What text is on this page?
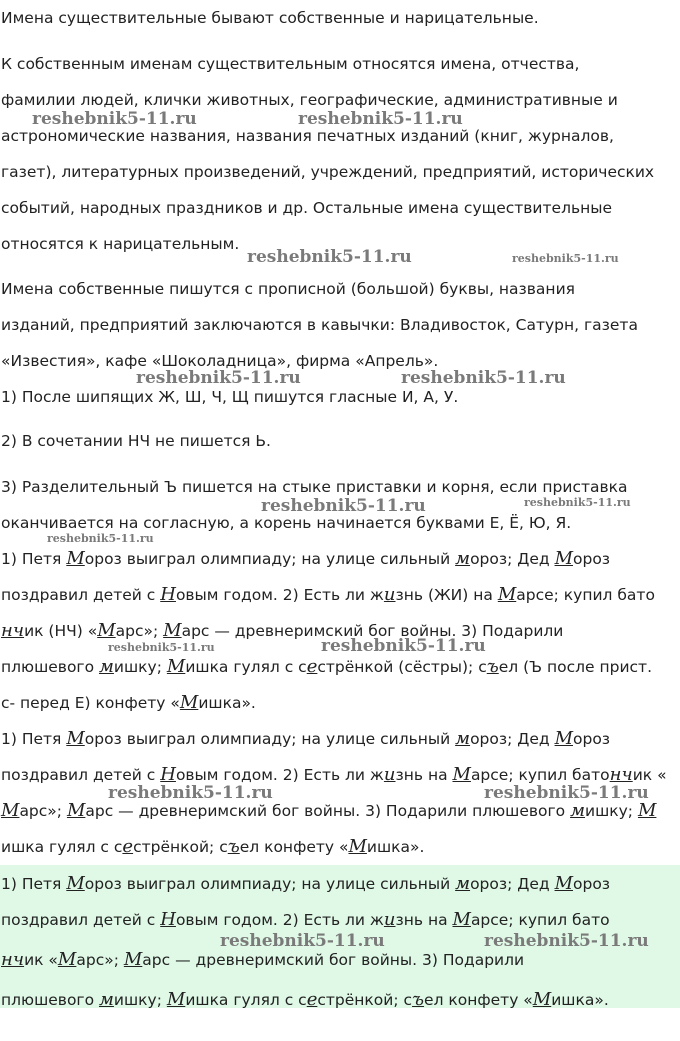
Имена существительные бывают собственные и нарицательные.
К собственным именам существительным относятся имена, отчества,
фамилии людей, клички животных, географические, административные и
астрономические названия, названия печатных изданий (книг, журналов,
газет), литературных произведений, учреждений, предприятий, исторических
событий, народных праздников и др. Остальные имена существительные
относятся к нарицательным.
Имена собственные пишутся с прописной (большой) буквы, названия
изданий, предприятий заключаются в кавычки: Владивосток, Сатурн, газета
«Известия», кафе «Шоколадница», фирма «Апрель».
1) После шипящих Ж, Ш, Ч, Щ пишутся гласные И, А, У.
2) В сочетании НЧ не пишется Ь.
3) Разделительный Ъ пишется на стыке приставки и корня, если приставка
оканчивается на согласную, а корень начинается буквами Е, Ё, Ю, Я.
1) Петя Мороз выиграл олимпиаду; на улице сильный мороз; Дед Мороз
поздравил детей с Новым годом. 2) Есть ли жизнь (ЖИ) на Марсе; купил бато
нчик (НЧ) «Марс»; Марс — древнеримский бог войны. 3) Подарили
плюшевого мишку; Мишка гулял с сестрёнкой (сёстры); съел (Ъ после прист.
с- перед Е) конфету «Мишка».
1) Петя Мороз выиграл олимпиаду; на улице сильный мороз; Дед Мороз
поздравил детей с Новым годом. 2) Есть ли жизнь на Марсе; купил батончик «
Марс»; Марс — древнеримский бог войны. 3) Подарили плюшевого мишку; М
ишка гулял с сестрёнкой; съел конфету «Мишка».
1) Петя Мороз выиграл олимпиаду; на улице сильный мороз; Дед Мороз
поздравил детей с Новым годом. 2) Есть ли жизнь на Марсе; купил бато
нчик «Марс»; Марс — древнеримский бог войны. 3) Подарили
плюшевого мишку; Мишка гулял с сестрёнкой; съел конфету «Мишка».
reshebnik5-11.ru	reshebnik5-11.ru
reshebnik5-11.ru	reshebnik5-11.ru
reshebnik5-11.ru	reshebnik5-11.ru
reshebnik5-11.ru	reshebnik5-11.ru
reshebnik5-11.ru
reshebnik5-11.ru	reshebnik5-11.ru
reshebnik5-11.ru	reshebnik5-11.ru
reshebnik5-11.ru	reshebnik5-11.ru
